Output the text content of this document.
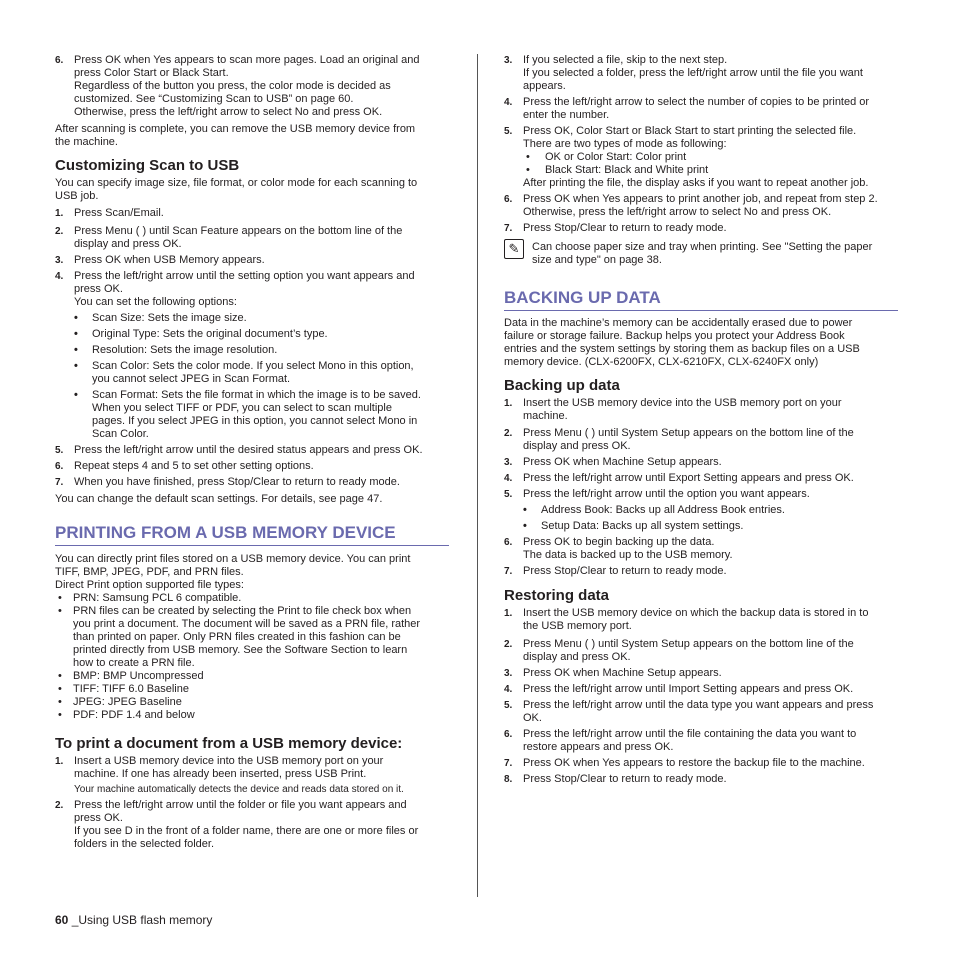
6. Press OK when Yes appears to scan more pages. Load an original and

press Color Start or Black Start.

Regardless of the button you press, the color mode is decided as

customized. See “Customizing Scan to USB” on page 60.

Otherwise, press the left/right arrow to select No and press OK.

After scanning is complete, you can remove the USB memory device from

the machine.

Customizing Scan to USB

You can specify image size, file format, or color mode for each scanning to

USB job.

1. Press Scan/Email.

2. Press Menu ( ) until Scan Feature appears on the bottom line of the

display and press OK.

3. Press OK when USB Memory appears.

4. Press the left/right arrow until the setting option you want appears and

press OK.

You can set the following options:

• Scan Size: Sets the image size.

• Original Type: Sets the original document’s type.

• Resolution: Sets the image resolution.

• Scan Color: Sets the color mode. If you select Mono in this option,

you cannot select JPEG in Scan Format.

• Scan Format: Sets the file format in which the image is to be saved.

When you select TIFF or PDF, you can select to scan multiple

pages. If you select JPEG in this option, you cannot select Mono in

Scan Color.

5. Press the left/right arrow until the desired status appears and press OK.

6. Repeat steps 4 and 5 to set other setting options.

7. When you have finished, press Stop/Clear to return to ready mode.

You can change the default scan settings. For details, see page 47.

PRINTING FROM A USB MEMORY DEVICE

You can directly print files stored on a USB memory device. You can print

TIFF, BMP, JPEG, PDF, and PRN files.

Direct Print option supported file types:

• PRN: Samsung PCL 6 compatible.

• PRN files can be created by selecting the Print to file check box when

you print a document. The document will be saved as a PRN file, rather

than printed on paper. Only PRN files created in this fashion can be

printed directly from USB memory. See the Software Section to learn

how to create a PRN file.

• BMP: BMP Uncompressed

• TIFF: TIFF 6.0 Baseline

• JPEG: JPEG Baseline

• PDF: PDF 1.4 and below

To print a document from a USB memory device:
1. Insert a USB memory device into the USB memory port on your

machine. If one has already been inserted, press USB Print.

Your machine automatically detects the device and reads data stored on it.

2. Press the left/right arrow until the folder or file you want appears and

press OK.

If you see D in the front of a folder name, there are one or more files or

folders in the selected folder.

3. If you selected a file, skip to the next step.

If you selected a folder, press the left/right arrow until the file you want

appears.

4. Press the left/right arrow to select the number of copies to be printed or

enter the number.

5. Press OK, Color Start or Black Start to start printing the selected file.

There are two types of mode as following:

• OK or Color Start: Color print

• Black Start: Black and White print

After printing the file, the display asks if you want to repeat another job.

6. Press OK when Yes appears to print another job, and repeat from step 2.

Otherwise, press the left/right arrow to select No and press OK.

7. Press Stop/Clear to return to ready mode.

✎	Can choose paper size and tray when printing. See "Setting the paper

size and type" on page 38.

BACKING UP DATA

Data in the machine’s memory can be accidentally erased due to power

failure or storage failure. Backup helps you protect your Address Book

entries and the system settings by storing them as backup files on a USB

memory device. (CLX-6200FX, CLX-6210FX, CLX-6240FX only)

Backing up data
1. Insert the USB memory device into the USB memory port on your

machine.

2. Press Menu ( ) until System Setup appears on the bottom line of the

display and press OK.

3. Press OK when Machine Setup appears.

4. Press the left/right arrow until Export Setting appears and press OK.

5. Press the left/right arrow until the option you want appears.

• Address Book: Backs up all Address Book entries.

• Setup Data: Backs up all system settings.

6. Press OK to begin backing up the data.

The data is backed up to the USB memory.

7. Press Stop/Clear to return to ready mode.

Restoring data
1. Insert the USB memory device on which the backup data is stored in to

the USB memory port.

2. Press Menu ( ) until System Setup appears on the bottom line of the

display and press OK.

3. Press OK when Machine Setup appears.

4. Press the left/right arrow until Import Setting appears and press OK.

5. Press the left/right arrow until the data type you want appears and press

OK.

6. Press the left/right arrow until the file containing the data you want to

restore appears and press OK.

7. Press OK when Yes appears to restore the backup file to the machine.

8. Press Stop/Clear to return to ready mode.

60 _Using USB flash memory
